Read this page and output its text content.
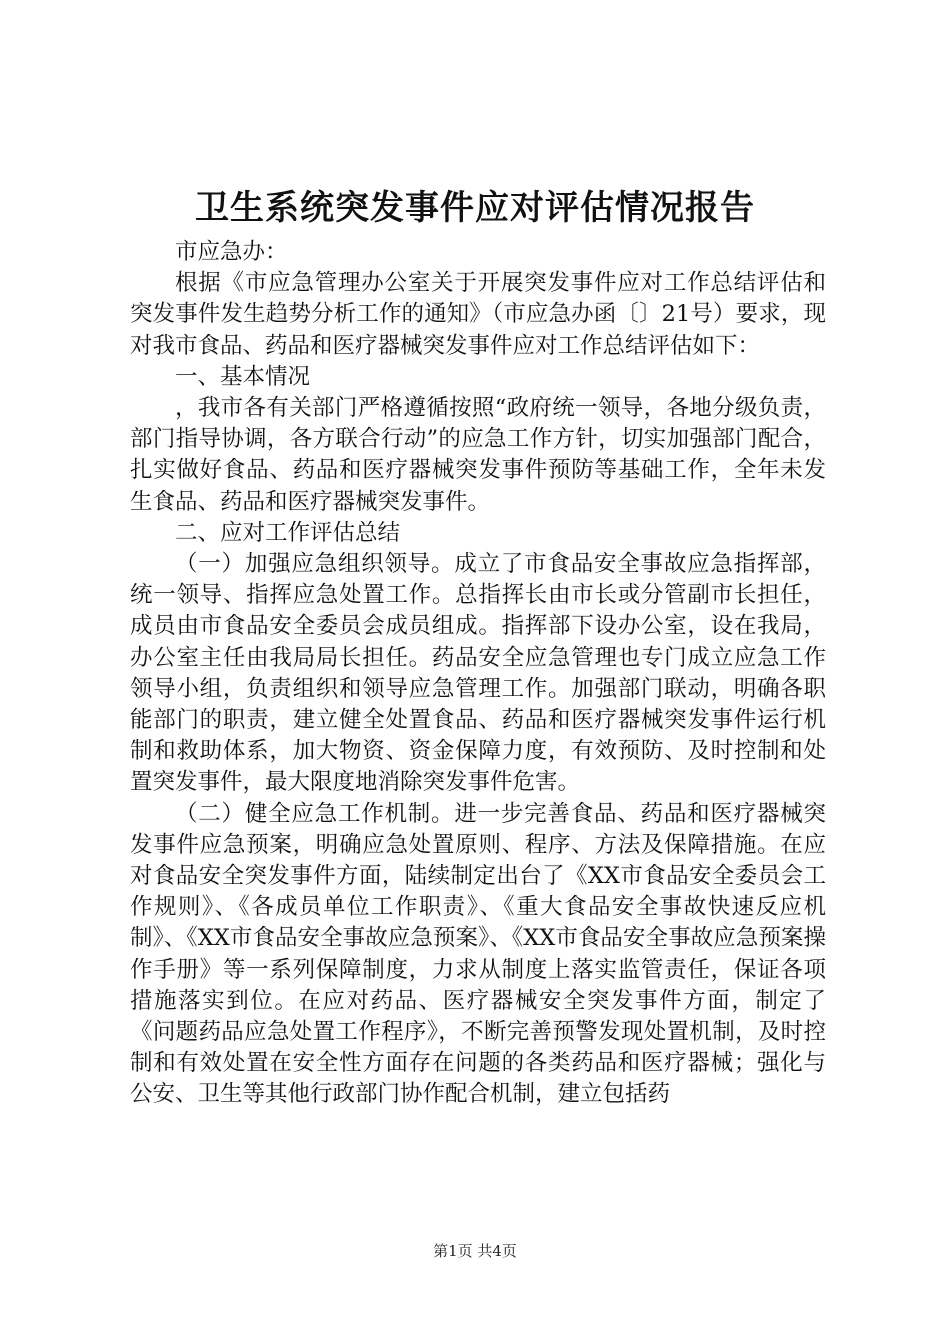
卫生系统突发事件应对评估情况报告

市应急办：

根据《市应急管理办公室关于开展突发事件应对工作总结评估和突发事件发生趋势分析工作的通知》（市应急办函〔〕21号）要求，现对我市食品、药品和医疗器械突发事件应对工作总结评估如下：

一、基本情况

，我市各有关部门严格遵循按照“政府统一领导，各地分级负责，部门指导协调，各方联合行动”的应急工作方针，切实加强部门配合，扎实做好食品、药品和医疗器械突发事件预防等基础工作，全年未发生食品、药品和医疗器械突发事件。

二、应对工作评估总结

（一）加强应急组织领导。成立了市食品安全事故应急指挥部，统一领导、指挥应急处置工作。总指挥长由市长或分管副市长担任，成员由市食品安全委员会成员组成。指挥部下设办公室，设在我局，办公室主任由我局局长担任。药品安全应急管理也专门成立应急工作领导小组，负责组织和领导应急管理工作。加强部门联动，明确各职能部门的职责，建立健全处置食品、药品和医疗器械突发事件运行机制和救助体系，加大物资、资金保障力度，有效预防、及时控制和处置突发事件，最大限度地消除突发事件危害。

（二）健全应急工作机制。进一步完善食品、药品和医疗器械突发事件应急预案，明确应急处置原则、程序、方法及保障措施。在应对食品安全突发事件方面，陆续制定出台了《XX市食品安全委员会工作规则》、《各成员单位工作职责》、《重大食品安全事故快速反应机制》、《XX市食品安全事故应急预案》、《XX市食品安全事故应急预案操作手册》等一系列保障制度，力求从制度上落实监管责任，保证各项措施落实到位。在应对药品、医疗器械安全突发事件方面，制定了《问题药品应急处置工作程序》，不断完善预警发现处置机制，及时控制和有效处置在安全性方面存在问题的各类药品和医疗器械；强化与公安、卫生等其他行政部门协作配合机制，建立包括药

第1页 共4页
